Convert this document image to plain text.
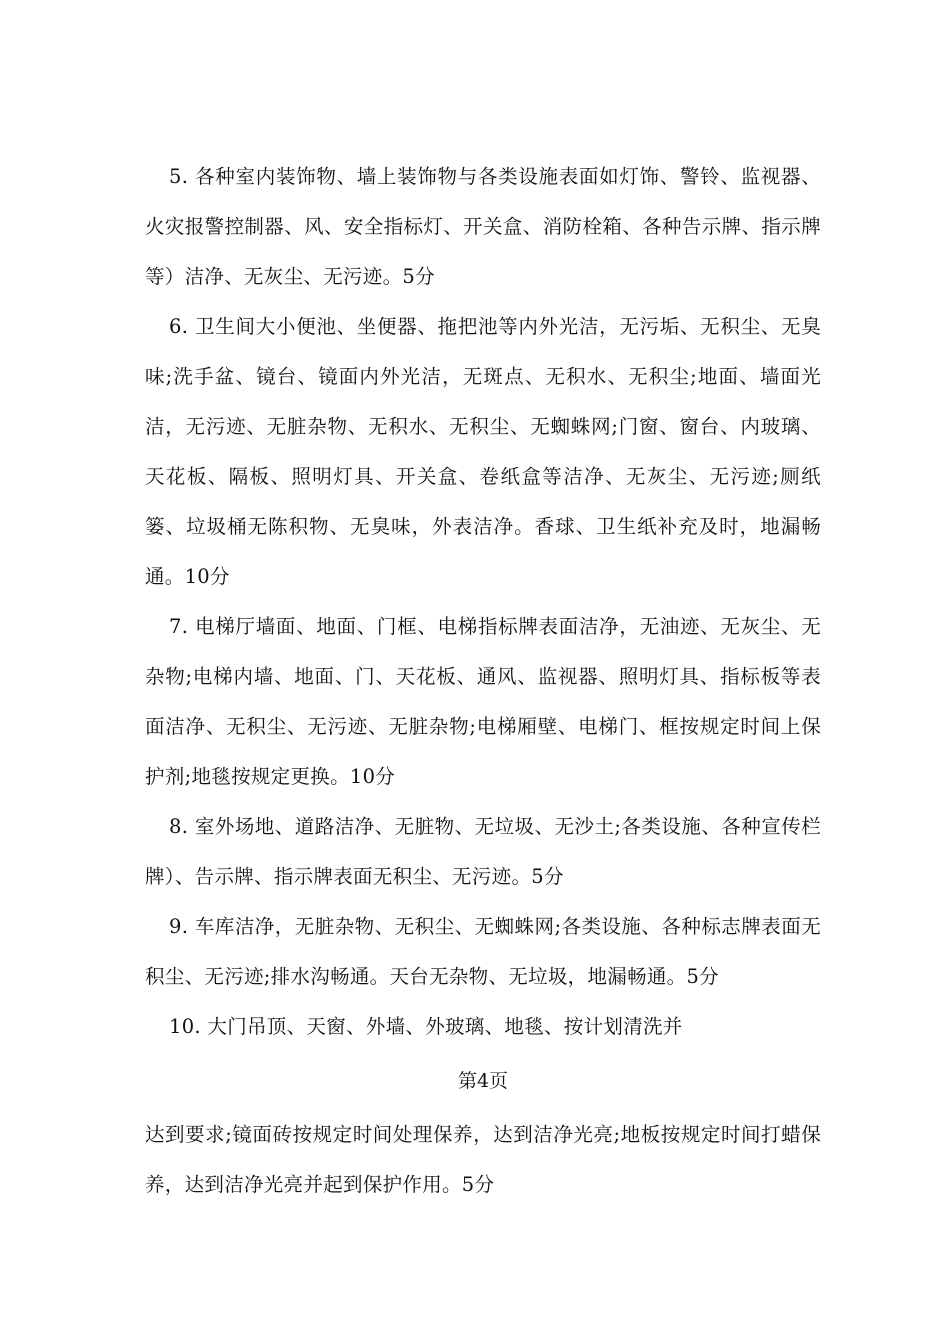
5. 各种室内装饰物、墙上装饰物与各类设施表面如灯饰、警铃、监视器、火灾报警控制器、风、安全指标灯、开关盒、消防栓箱、各种告示牌、指示牌等）洁净、无灰尘、无污迹。5分

6. 卫生间大小便池、坐便器、拖把池等内外光洁，无污垢、无积尘、无臭味;洗手盆、镜台、镜面内外光洁，无斑点、无积水、无积尘;地面、墙面光洁，无污迹、无脏杂物、无积水、无积尘、无蜘蛛网;门窗、窗台、内玻璃、天花板、隔板、照明灯具、开关盒、卷纸盒等洁净、无灰尘、无污迹;厕纸篓、垃圾桶无陈积物、无臭味，外表洁净。香球、卫生纸补充及时，地漏畅通。10分

7. 电梯厅墙面、地面、门框、电梯指标牌表面洁净，无油迹、无灰尘、无杂物;电梯内墙、地面、门、天花板、通风、监视器、照明灯具、指标板等表面洁净、无积尘、无污迹、无脏杂物;电梯厢壁、电梯门、框按规定时间上保护剂;地毯按规定更换。10分

8. 室外场地、道路洁净、无脏物、无垃圾、无沙土;各类设施、各种宣传栏牌）、告示牌、指示牌表面无积尘、无污迹。5分

9. 车库洁净，无脏杂物、无积尘、无蜘蛛网;各类设施、各种标志牌表面无积尘、无污迹;排水沟畅通。天台无杂物、无垃圾，地漏畅通。5分

10. 大门吊顶、天窗、外墙、外玻璃、地毯、按计划清洗并

第4页

达到要求;镜面砖按规定时间处理保养，达到洁净光亮;地板按规定时间打蜡保养，达到洁净光亮并起到保护作用。5分
